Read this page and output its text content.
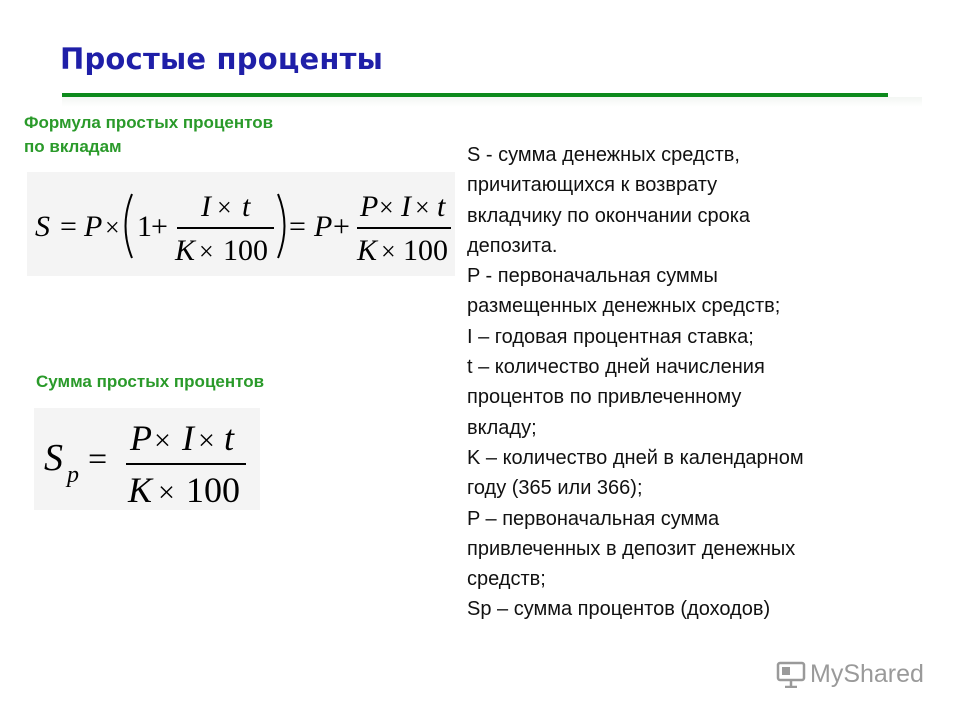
Простые проценты
Формула простых процентов
по вкладам
S = P × 1 +
I × t
K × 100
= P +
P × I × t
K × 100
Сумма простых процентов
S p =
P × I × t
K × 100
S - сумма денежных средств,
причитающихся к возврату
вкладчику по окончании срока
депозита.
P - первоначальная суммы
размещенных денежных средств;
I – годовая процентная ставка;
t – количество дней начисления
процентов по привлеченному
вкладу;
K – количество дней в календарном
году (365 или 366);
P – первоначальная сумма
привлеченных в депозит денежных
средств;
Sp – сумма процентов (доходов)
MyShared
